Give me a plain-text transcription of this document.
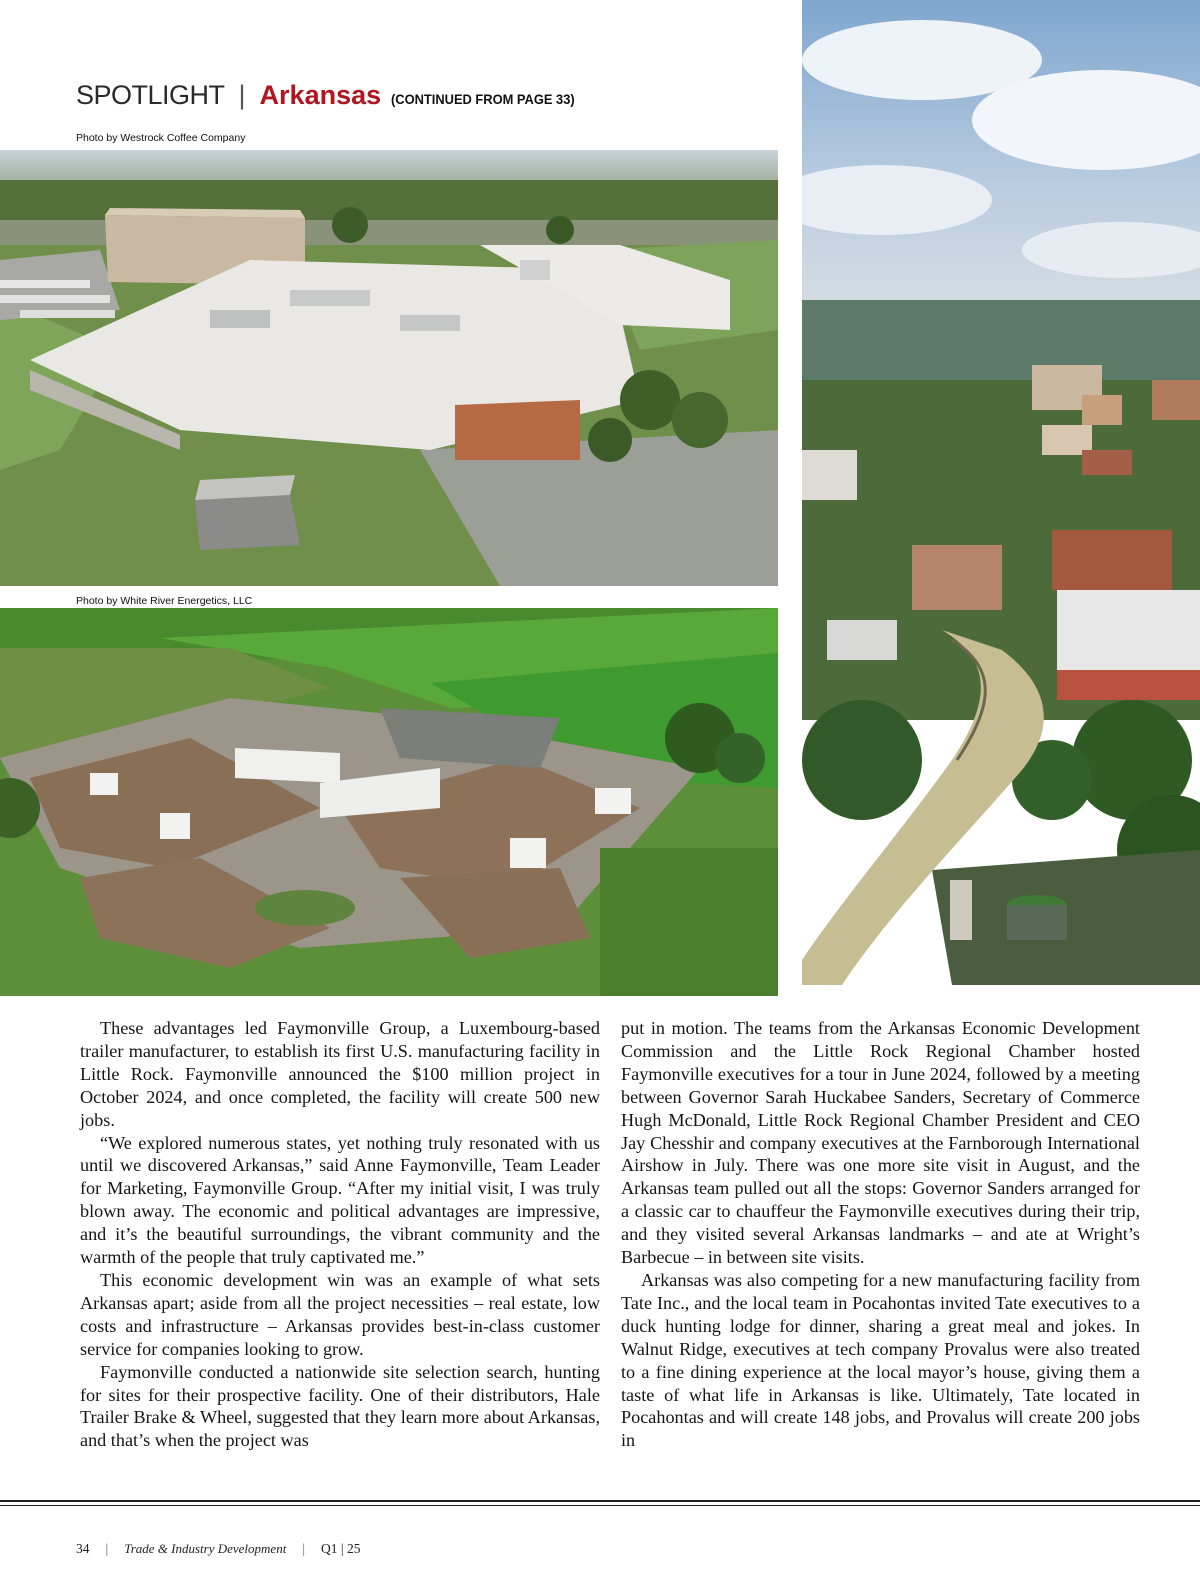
SPOTLIGHT | Arkansas (CONTINUED FROM PAGE 33)
Photo by Westrock Coffee Company
Photo by White River Energetics, LLC

These advantages led Faymonville Group, a Luxembourg-based trailer manufacturer, to establish its first U.S. manufacturing facility in Little Rock. Faymonville announced the $100 million project in October 2024, and once completed, the facility will create 500 new jobs.

“We explored numerous states, yet nothing truly resonated with us until we discovered Arkansas,” said Anne Faymonville, Team Leader for Marketing, Faymonville Group. “After my initial visit, I was truly blown away. The economic and political advantages are impressive, and it’s the beautiful surroundings, the vibrant community and the warmth of the people that truly captivated me.”

This economic development win was an example of what sets Arkansas apart; aside from all the project necessities – real estate, low costs and infrastructure – Arkansas provides best-in-class customer service for companies looking to grow.

Faymonville conducted a nationwide site selection search, hunting for sites for their prospective facility. One of their distributors, Hale Trailer Brake & Wheel, suggested that they learn more about Arkansas, and that’s when the project was

put in motion. The teams from the Arkansas Economic Development Commission and the Little Rock Regional Chamber hosted Faymonville executives for a tour in June 2024, followed by a meeting between Governor Sarah Huckabee Sanders, Secretary of Commerce Hugh McDonald, Little Rock Regional Chamber President and CEO Jay Chesshir and company executives at the Farnborough International Airshow in July. There was one more site visit in August, and the Arkansas team pulled out all the stops: Governor Sanders arranged for a classic car to chauffeur the Faymonville executives during their trip, and they visited several Arkansas landmarks – and ate at Wright’s Barbecue – in between site visits.

Arkansas was also competing for a new manufacturing facility from Tate Inc., and the local team in Pocahontas invited Tate executives to a duck hunting lodge for dinner, sharing a great meal and jokes. In Walnut Ridge, executives at tech company Provalus were also treated to a fine dining experience at the local mayor’s house, giving them a taste of what life in Arkansas is like. Ultimately, Tate located in Pocahontas and will create 148 jobs, and Provalus will create 200 jobs in

34 | Trade & Industry Development | Q1 | 25
